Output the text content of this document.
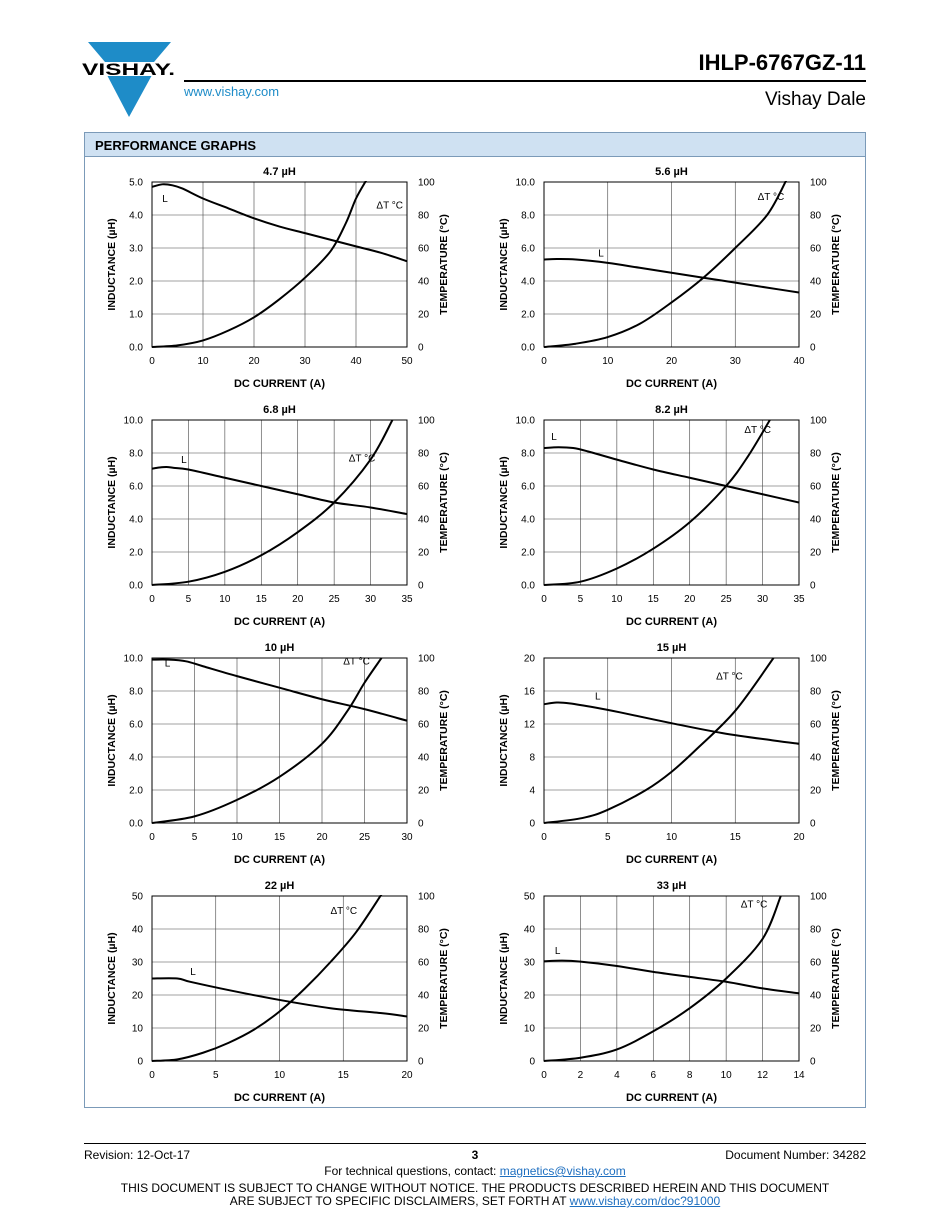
VISHAY.
www.vishay.com
IHLP-6767GZ-11
Vishay Dale
PERFORMANCE GRAPHS
0	10	20	30	40	50
0.0
1.0
2.0
3.0
4.0
5.0
0
20
40
60
80
100
4.7 µH
DC CURRENT (A)
INDUCTANCE (µH)	TEMPERATURE (°C)
L
ΔT °C
0	10	20	30	40
0.0
2.0
4.0
6.0
8.0
10.0
0
20
40
60
80
100
5.6 µH
DC CURRENT (A)
INDUCTANCE (µH)	TEMPERATURE (°C)
L
ΔT °C
0	5	10	15	20	25	30	35
0.0
2.0
4.0
6.0
8.0
10.0
0
20
40
60
80
100
6.8 µH
DC CURRENT (A)
INDUCTANCE (µH)	TEMPERATURE (°C)
L	ΔT °C
0	5	10	15	20	25	30	35
0.0
2.0
4.0
6.0
8.0
10.0
0
20
40
60
80
100
8.2 µH
DC CURRENT (A)
INDUCTANCE (µH)	TEMPERATURE (°C)
L
ΔT °C
0	5	10	15	20	25	30
0.0
2.0
4.0
6.0
8.0
10.0
0
20
40
60
80
100
10 µH
DC CURRENT (A)
INDUCTANCE (µH)	TEMPERATURE (°C)
L	ΔT °C
0	5	10	15	20
0
4
8
12
16
20
0
20
40
60
80
100
15 µH
DC CURRENT (A)
INDUCTANCE (µH)	TEMPERATURE (°C)
L
ΔT °C
0	5	10	15	20
0
10
20
30
40
50
0
20
40
60
80
100
22 µH
DC CURRENT (A)
INDUCTANCE (µH)	TEMPERATURE (°C)
L
ΔT °C
0	2	4	6	8	10	12	14
0
10
20
30
40
50
0
20
40
60
80
100
33 µH
DC CURRENT (A)
INDUCTANCE (µH)	TEMPERATURE (°C)
L
ΔT °C
Revision: 12-Oct-17	3	Document Number: 34282
For technical questions, contact: magnetics@vishay.com
THIS DOCUMENT IS SUBJECT TO CHANGE WITHOUT NOTICE. THE PRODUCTS DESCRIBED HEREIN AND THIS DOCUMENT
ARE SUBJECT TO SPECIFIC DISCLAIMERS, SET FORTH AT www.vishay.com/doc?91000
